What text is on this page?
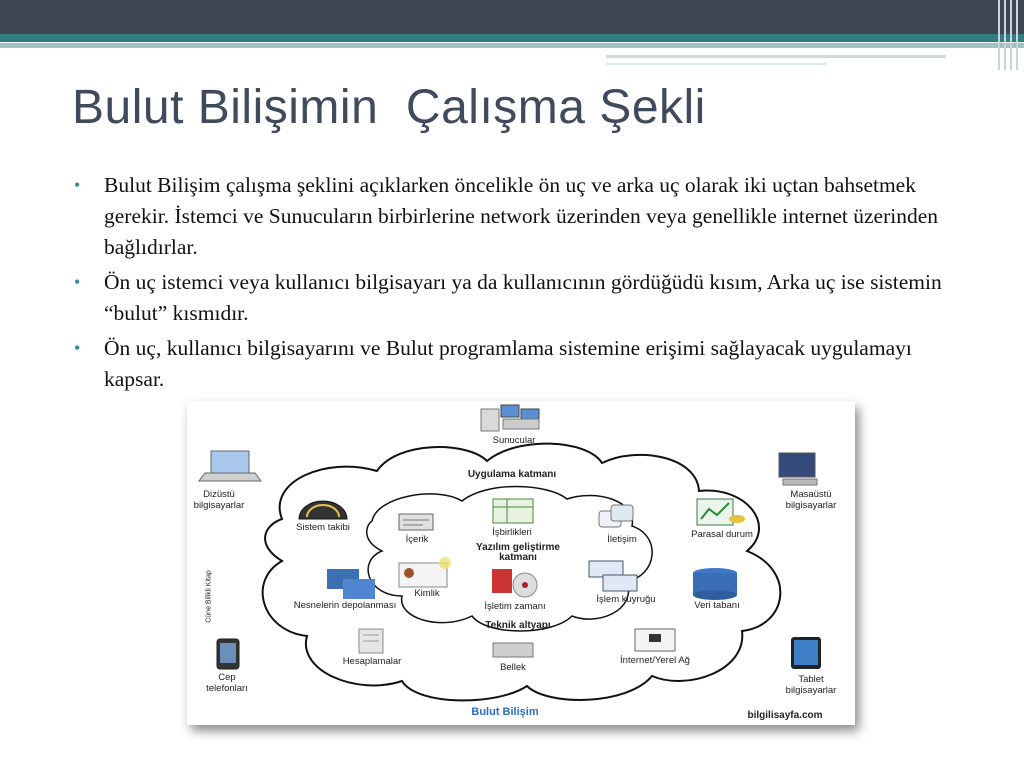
Bulut Bilişimin  Çalışma Şekli
• Bulut Bilişim çalışma şeklini açıklarken öncelikle ön uç ve arka uç olarak iki uçtan bahsetmek gerekir. İstemci ve Sunucuların birbirlerine network üzerinden veya genellikle internet üzerinden bağlıdırlar.
• Ön uç istemci veya kullanıcı bilgisayarı ya da kullanıcının gördüğüdü kısım, Arka uç ise sistemin “bulut” kısmıdır.
• Ön uç, kullanıcı bilgisayarını ve Bulut programlama sistemine erişimi sağlayacak uygulamayı kapsar.
Sunucular
Dizüstü
bilgisayarlar
Masaüstü
bilgisayarlar
Cep
telefonları
Tablet
bilgisayarlar
Cüne Bilikli Kitap
Uygulama katmanı
Yazılım geliştirme
katmanı
Teknik altyapı
Sistem takibi
İçerik
İşbirlikleri
İletişim	Parasal durum
Nesnelerin depolanması
Kimlik
İşletim zamanı
İşlem kuyruğu
Veri tabanı
Hesaplamalar
Bellek
İnternet/Yerel Ağ
Bulut Bilişim	bilgilisayfa.com
